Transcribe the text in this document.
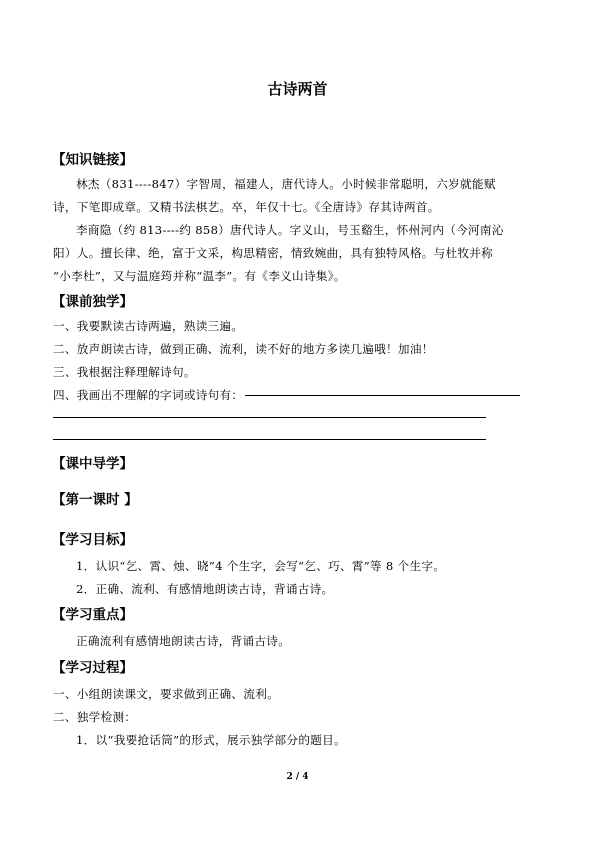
古诗两首
【知识链接】
林杰（831----847）字智周，福建人，唐代诗人。小时候非常聪明，六岁就能赋
诗，下笔即成章。又精书法棋艺。卒，年仅十七。《全唐诗》存其诗两首。
李商隐（约 813----约 858）唐代诗人。字义山，号玉谿生，怀州河内（今河南沁
阳）人。擅长律、绝，富于文采，构思精密，情致婉曲，具有独特风格。与杜牧并称
“小李杜”，又与温庭筠并称“温李”。有《李义山诗集》。
【课前独学】
一、我要默读古诗两遍，熟读三遍。
二、放声朗读古诗，做到正确、流利，读不好的地方多读几遍哦！加油！
三、我根据注释理解诗句。
四、我画出不理解的字词或诗句有：
【课中导学】
【第一课时 】
【学习目标】
1．认识“乞、霄、烛、晓”4 个生字，会写“乞、巧、霄”等 8 个生字。
2．正确、流利、有感情地朗读古诗，背诵古诗。
【学习重点】
正确流利有感情地朗读古诗，背诵古诗。
【学习过程】
一、小组朗读课文，要求做到正确、流利。
二、独学检测：
1．以“我要抢话筒”的形式，展示独学部分的题目。
2 / 4
